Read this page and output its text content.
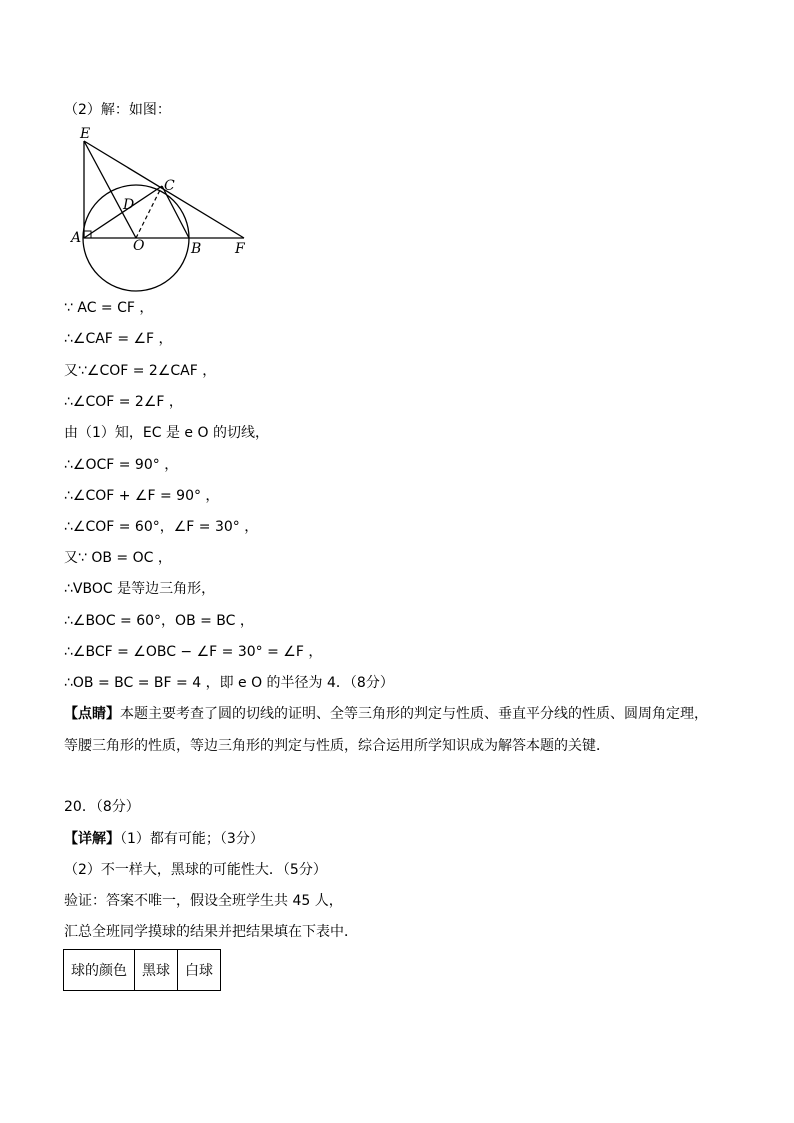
（2）解：如图：
E
C
D
A	O	B F
∵ AC = CF ，
∴∠CAF = ∠F ，
又∵∠COF = 2∠CAF ，
∴∠COF = 2∠F ，
由（1）知，EC 是 e O 的切线，
∴∠OCF = 90° ，
∴∠COF + ∠F = 90° ，
∴∠COF = 60°，∠F = 30° ，
又∵ OB = OC ，
∴VBOC 是等边三角形，
∴∠BOC = 60°，OB = BC ，
∴∠BCF = ∠OBC − ∠F = 30° = ∠F ，
∴OB = BC = BF = 4 ，即 e O 的半径为 4．（8分）
【点睛】本题主要考查了圆的切线的证明、全等三角形的判定与性质、垂直平分线的性质、圆周角定理，
等腰三角形的性质，等边三角形的判定与性质，综合运用所学知识成为解答本题的关键．
20．（8分）
【详解】（1）都有可能；（3分）
（2）不一样大，黑球的可能性大．（5分）
验证：答案不唯一，假设全班学生共 45 人，
汇总全班同学摸球的结果并把结果填在下表中．
球的颜色	黑球	白球
